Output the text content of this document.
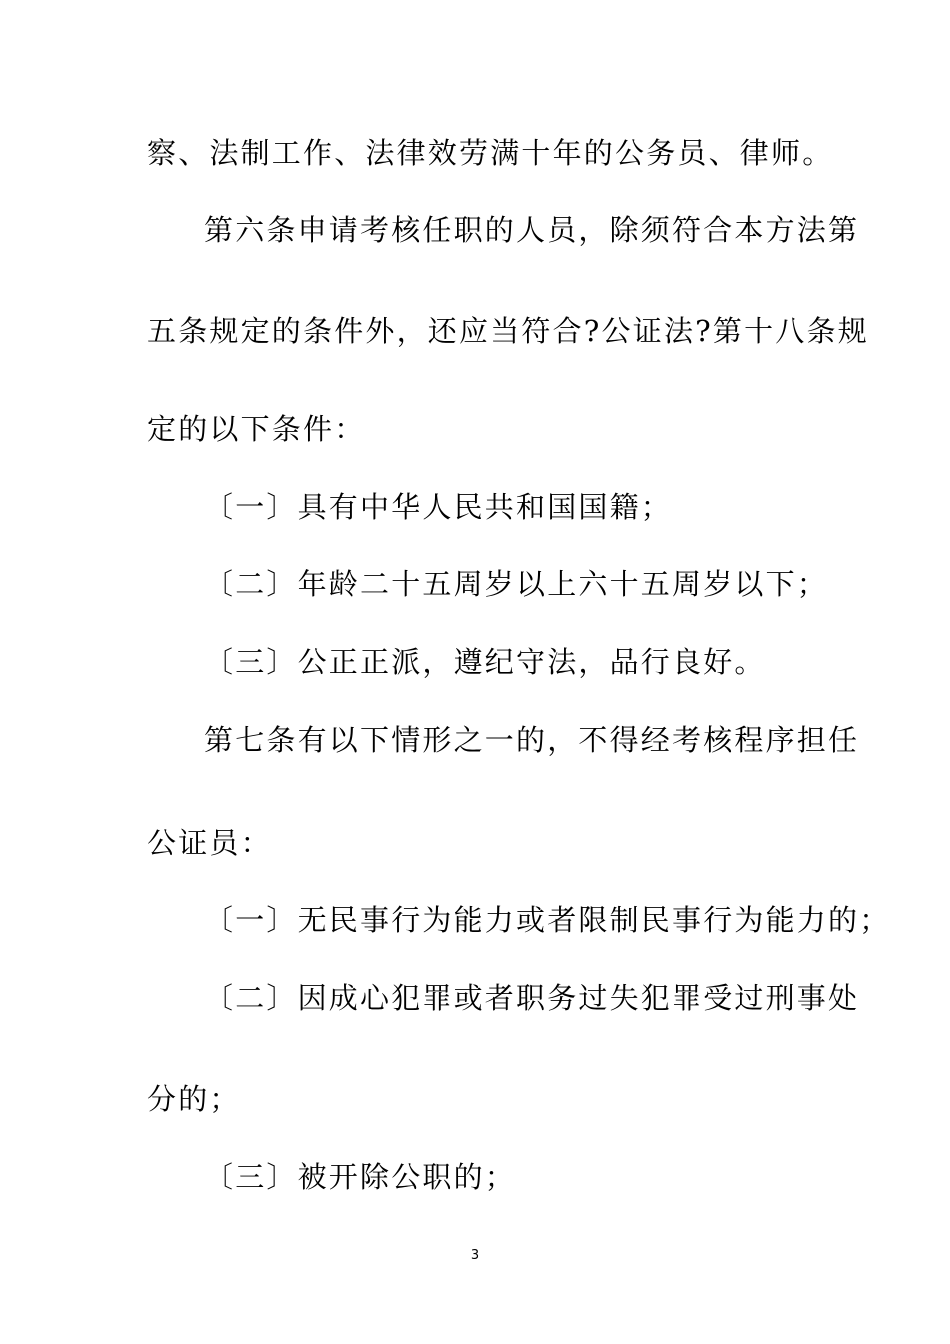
察、法制工作、法律效劳满十年的公务员、律师。
第六条申请考核任职的人员，除须符合本方法第
五条规定的条件外，还应当符合?公证法?第十八条规
定的以下条件：
〔一〕具有中华人民共和国国籍；
〔二〕年龄二十五周岁以上六十五周岁以下；
〔三〕公正正派，遵纪守法，品行良好。
第七条有以下情形之一的，不得经考核程序担任
公证员：
〔一〕无民事行为能力或者限制民事行为能力的；
〔二〕因成心犯罪或者职务过失犯罪受过刑事处
分的；
〔三〕被开除公职的；
3
